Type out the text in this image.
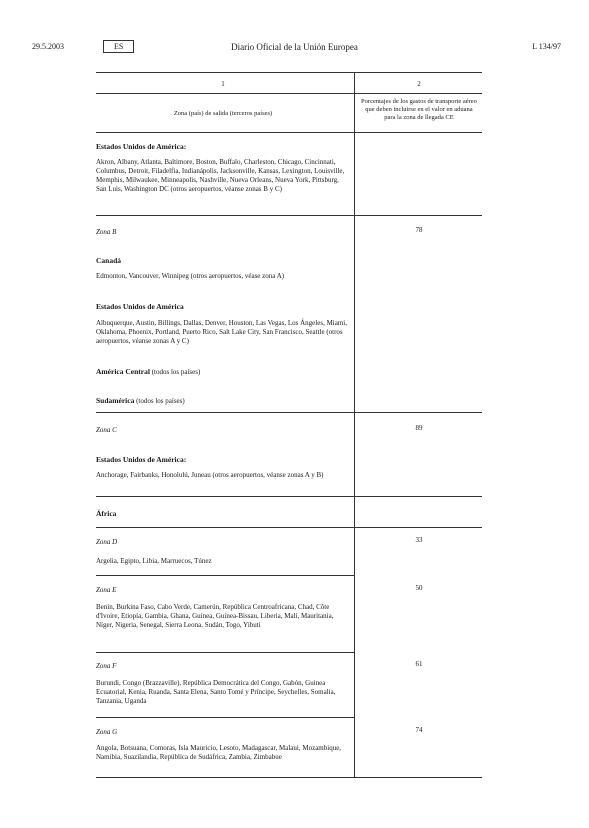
29.5.2003	ES	Diario Oficial de la Unión Europea	L 134/97
1	2
Zona (país) de salida (terceros países)
Porcentajes de los gastos de transporte aéreo que deben incluirse en el valor en aduana para la zona de llegada CE
Estados Unidos de América:
Akron, Albany, Atlanta, Baltimore, Boston, Buffalo, Charleston, Chicago, Cincinnati, Columbus, Detroit, Filadelfia, Indianápolis, Jacksonville, Kansas, Lexington, Louisville, Memphis, Milwaukee, Minneapolis, Nashville, Nueva Orleans, Nueva York, Pittsburg, San Luis, Washington DC (otros aeropuertos, véanse zonas B y C)
Zona B	78
Canadá
Edmonton, Vancouver, Winnipeg (otros aeropuertos, véase zona A)
Estados Unidos de América
Albuquerque, Austin, Billings, Dallas, Denver, Houston, Las Vegas, Los Ángeles, Miami, Oklahoma, Phoenix, Portland, Puerto Rico, Salt Lake City, San Francisco, Seattle (otros aeropuertos, véanse zonas A y C)
América Central (todos los países)
Sudamérica (todos los países)
Zona C	89
Estados Unidos de América:
Anchorage, Fairbanks, Honolulú, Juneau (otros aeropuertos, véanse zonas A y B)
África
Zona D	33
Argelia, Egipto, Libia, Marruecos, Túnez
Zona E	50
Benín, Burkina Faso, Cabo Verde, Camerún, República Centroafricana, Chad, Côte d'Ivoire, Etiopía, Gambia, Ghana, Guinea, Guinea-Bissau, Liberia, Malí, Mauritania, Níger, Nigeria, Senegal, Sierra Leona, Sudán, Togo, Yibuti
Zona F	61
Burundi, Congo (Brazzaville), República Democrática del Congo, Gabón, Guinea Ecuatorial, Kenia, Ruanda, Santa Elena, Santo Tomé y Príncipe, Seychelles, Somalia, Tanzania, Uganda
Zona G	74
Angola, Botsuana, Comoras, Isla Mauricio, Lesoto, Madagascar, Malaui, Mozambique, Namibia, Suazilandia, República de Sudáfrica, Zambia, Zimbabue
